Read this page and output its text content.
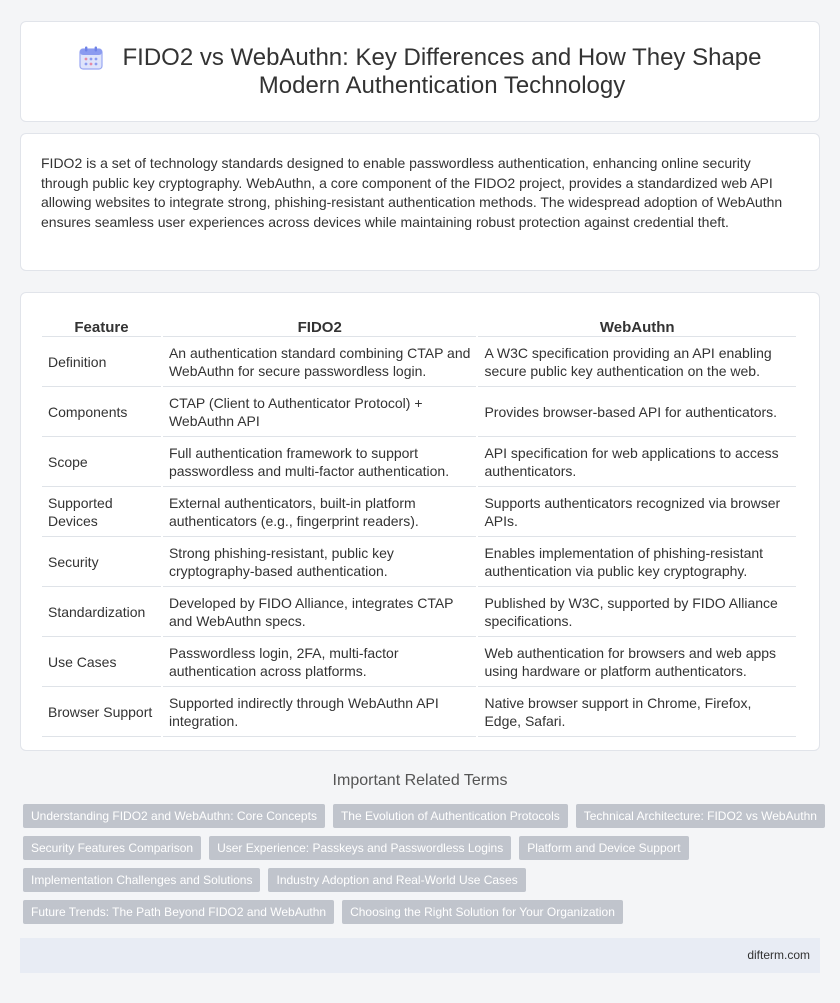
FIDO2 vs WebAuthn: Key Differences and How They Shape Modern Authentication Technology

FIDO2 is a set of technology standards designed to enable passwordless authentication, enhancing online security through public key cryptography. WebAuthn, a core component of the FIDO2 project, provides a standardized web API allowing websites to integrate strong, phishing-resistant authentication methods. The widespread adoption of WebAuthn ensures seamless user experiences across devices while maintaining robust protection against credential theft.

Feature	FIDO2	WebAuthn
Definition	An authentication standard combining CTAP and WebAuthn for secure passwordless login.	A W3C specification providing an API enabling secure public key authentication on the web.
Components	CTAP (Client to Authenticator Protocol) + WebAuthn API	Provides browser-based API for authenticators.
Scope	Full authentication framework to support passwordless and multi-factor authentication.	API specification for web applications to access authenticators.
Supported Devices	External authenticators, built-in platform authenticators (e.g., fingerprint readers).	Supports authenticators recognized via browser APIs.
Security	Strong phishing-resistant, public key cryptography-based authentication.	Enables implementation of phishing-resistant authentication via public key cryptography.
Standardization	Developed by FIDO Alliance, integrates CTAP and WebAuthn specs.	Published by W3C, supported by FIDO Alliance specifications.
Use Cases	Passwordless login, 2FA, multi-factor authentication across platforms.	Web authentication for browsers and web apps using hardware or platform authenticators.
Browser Support	Supported indirectly through WebAuthn API integration.	Native browser support in Chrome, Firefox, Edge, Safari.
Important Related Terms
Understanding FIDO2 and WebAuthn: Core Concepts	The Evolution of Authentication Protocols	Technical Architecture: FIDO2 vs WebAuthn
Security Features Comparison	User Experience: Passkeys and Passwordless Logins	Platform and Device Support
Implementation Challenges and Solutions	Industry Adoption and Real-World Use Cases
Future Trends: The Path Beyond FIDO2 and WebAuthn	Choosing the Right Solution for Your Organization
difterm.com
